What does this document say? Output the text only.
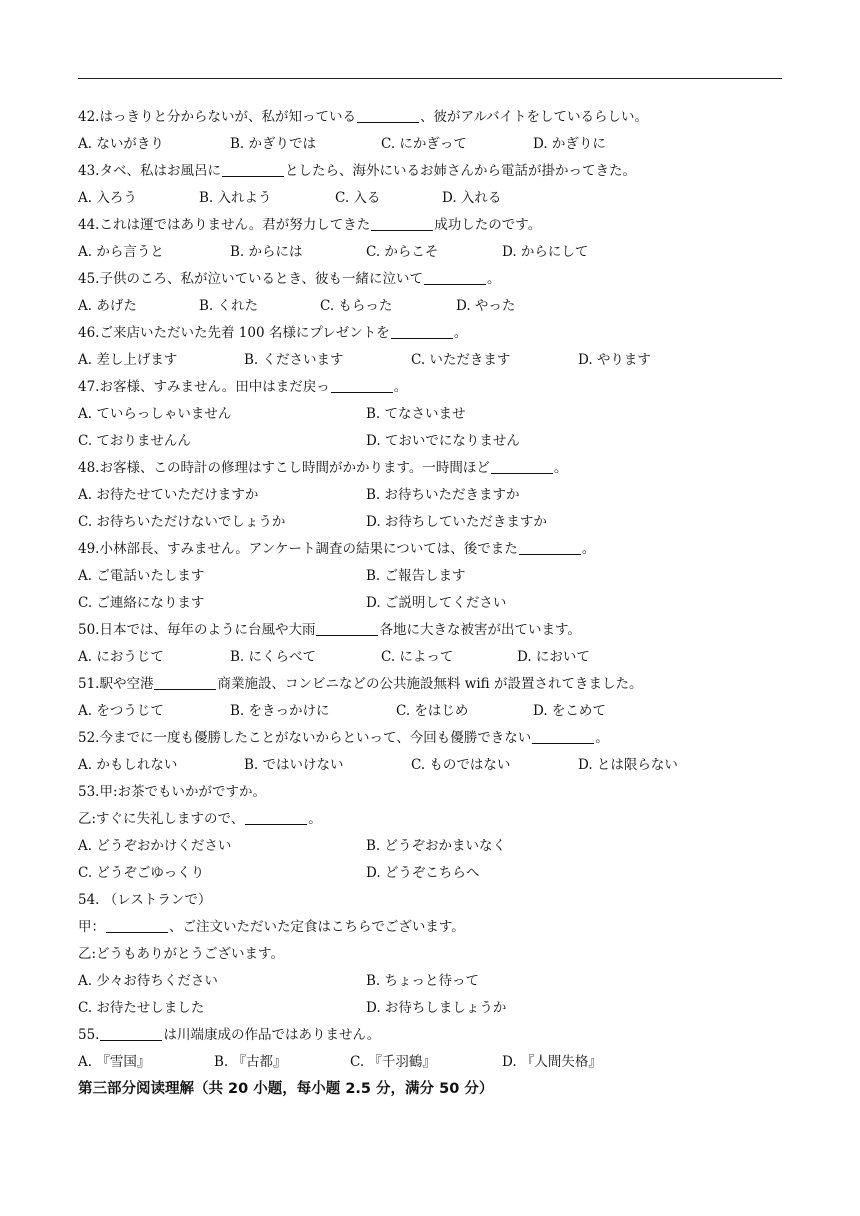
42.はっきりと分からないが、私が知っている	、彼がアルバイトをしているらしい。
A. ないがきり	B. かぎりでは	C. にかぎって	D. かぎりに
43.タベ、私はお風呂に	としたら、海外にいるお姉さんから電話が掛かってきた。
A. 入ろう	B. 入れよう	C. 入る	D. 入れる
44.これは運ではありません。君が努力してきた	成功したのです。
A. から言うと	B. からには	C. からこそ	D. からにして
45.子供のころ、私が泣いているとき、彼も一緒に泣いて	。
A. あげた	B. くれた	C. もらった	D. やった
46.ご来店いただいた先着 100 名様にプレゼントを	。
A. 差し上げます	B. くださいます	C. いただきます	D. やります
47.お客様、すみません。田中はまだ戻っ	。
A. ていらっしゃいません	B. てなさいませ
C. ておりませんん	D. ておいでになりません
48.お客様、この時計の修理はすこし時間がかかります。一時間ほど	。
A. お待たせていただけますか	B. お待ちいただきますか
C. お待ちいただけないでしょうか	D. お待ちしていただきますか
49.小林部長、すみません。アンケート調査の結果については、後でまた	。
A. ご電話いたします	B. ご報告します
C. ご連絡になります	D. ご説明してください
50.日本では、毎年のように台風や大雨	各地に大きな被害が出ています。
A. におうじて	B. にくらべて	C. によって	D. において
51.駅や空港	商業施設、コンビニなどの公共施設無料 wifi が設置されてきました。
A. をつうじて	B. をきっかけに	C. をはじめ	D. をこめて
52.今までに一度も優勝したことがないからといって、今回も優勝できない	。
A. かもしれない	B. ではいけない	C. ものではない	D. とは限らない
53.甲:お茶でもいかがですか。
乙:すぐに失礼しますので、	。
A. どうぞおかけください	B. どうぞおかまいなく
C. どうぞごゆっくり	D. どうぞこちらへ
54. （レストランで）
甲：	、ご注文いただいた定食はこちらでございます。
乙:どうもありがとうございます。
A. 少々お待ちください	B. ちょっと待って
C. お待たせしました	D. お待ちしましょうか
55.	は川端康成の作品ではありません。
A. 『雪国』	B. 『古都』	C. 『千羽鶴』	D. 『人間失格』
第三部分阅读理解（共 20 小题，每小题 2.5 分，满分 50 分）
